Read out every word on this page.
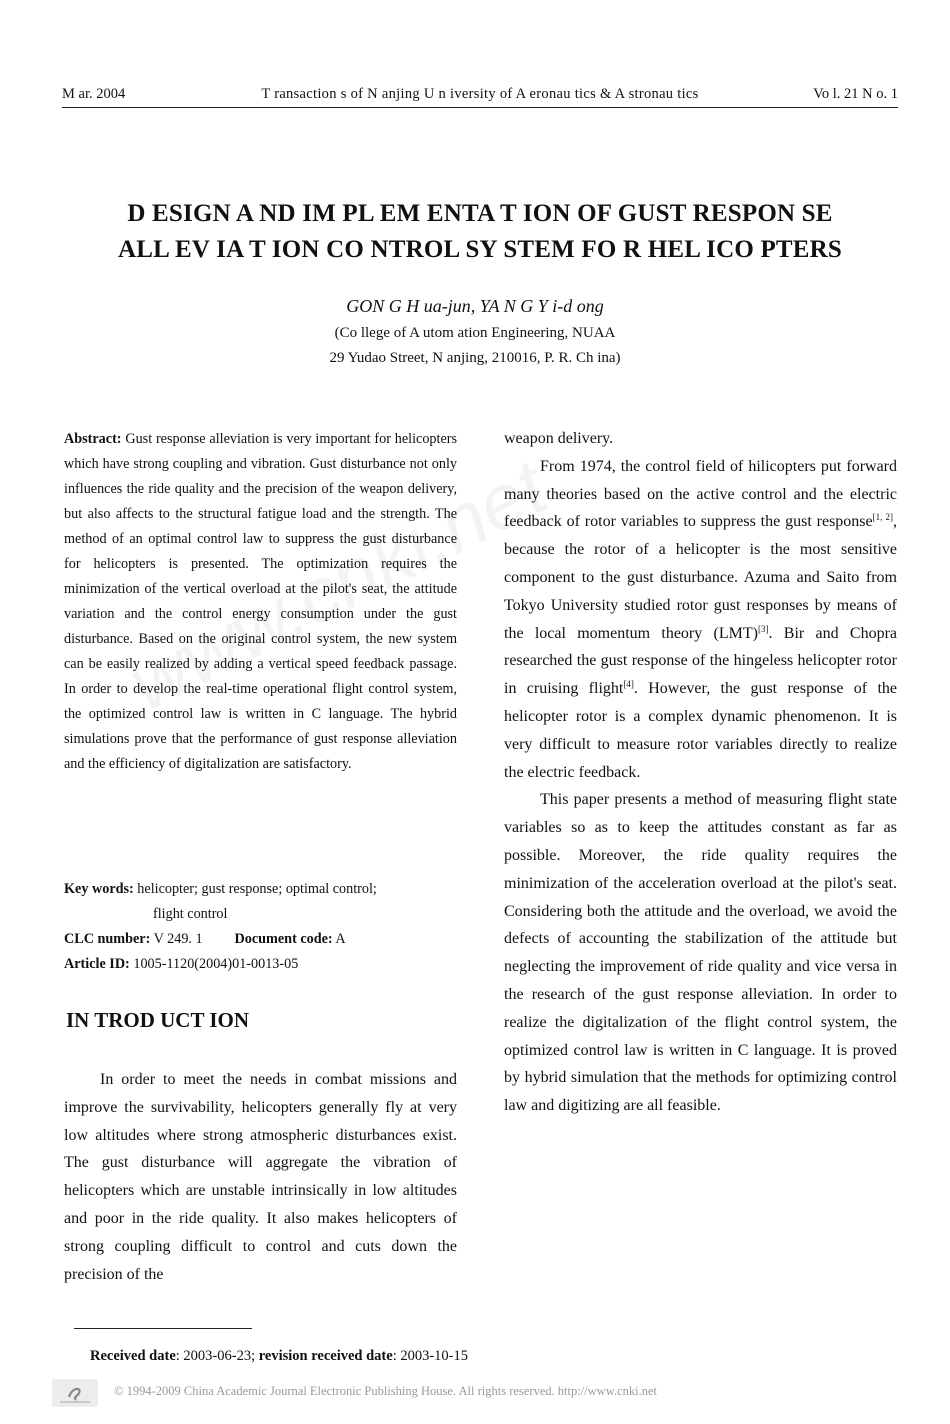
M ar. 2004	T ransaction s of N anjing U n iversity of A eronau tics & A stronau tics	Vo l. 21 N o. 1
D ESIGN A ND IM PL EM ENTA T ION OF GUST RESPON SE
ALL EV IA T ION CO NTROL SY STEM FO R HEL ICO PTERS
GON G H ua-jun, YA N G Y i-d ong
(Co llege of A utom ation Engineering, NUAA
29 Yudao Street, N anjing, 210016, P. R. Ch ina)
Abstract: Gust response alleviation is very important for helicopters which have strong coupling and vibration. Gust disturbance not only influences the ride quality and the precision of the weapon delivery, but also affects to the structural fatigue load and the strength. The method of an optimal control law to suppress the gust disturbance for helicopters is presented. The optimization requires the minimization of the vertical overload at the pilot's seat, the attitude variation and the control energy consumption under the gust disturbance. Based on the original control system, the new system can be easily realized by adding a vertical speed feedback passage. In order to develop the real-time operational flight control system, the optimized control law is written in C language. The hybrid simulations prove that the performance of gust response alleviation and the efficiency of digitalization are satisfactory.
Key words: helicopter; gust response; optimal control;
flight control
CLC number: V 249. 1 Document code: A
Article ID: 1005-1120(2004)01-0013-05
IN TROD UCT ION

In order to meet the needs in combat missions and improve the survivability, helicopters generally fly at very low altitudes where strong atmospheric disturbances exist. The gust disturbance will aggregate the vibration of helicopters which are unstable intrinsically in low altitudes and poor in the ride quality. It also makes helicopters of strong coupling difficult to control and cuts down the precision of the

weapon delivery.

From 1974, the control field of hilicopters put forward many theories based on the active control and the electric feedback of rotor variables to suppress the gust response[1, 2], because the rotor of a helicopter is the most sensitive component to the gust disturbance. Azuma and Saito from Tokyo University studied rotor gust responses by means of the local momentum theory (LMT)[3]. Bir and Chopra researched the gust response of the hingeless helicopter rotor in cruising flight[4]. However, the gust response of the helicopter rotor is a complex dynamic phenomenon. It is very difficult to measure rotor variables directly to realize the electric feedback.

This paper presents a method of measuring flight state variables so as to keep the attitudes constant as far as possible. Moreover, the ride quality requires the minimization of the acceleration overload at the pilot's seat. Considering both the attitude and the overload, we avoid the defects of accounting the stabilization of the attitude but neglecting the improvement of ride quality and vice versa in the research of the gust response alleviation. In order to realize the digitalization of the flight control system, the optimized control law is written in C language. It is proved by hybrid simulation that the methods for optimizing control law and digitizing are all feasible.

Received date: 2003-06-23; revision received date: 2003-10-15
© 1994-2009 China Academic Journal Electronic Publishing House. All rights reserved. http://www.cnki.net
